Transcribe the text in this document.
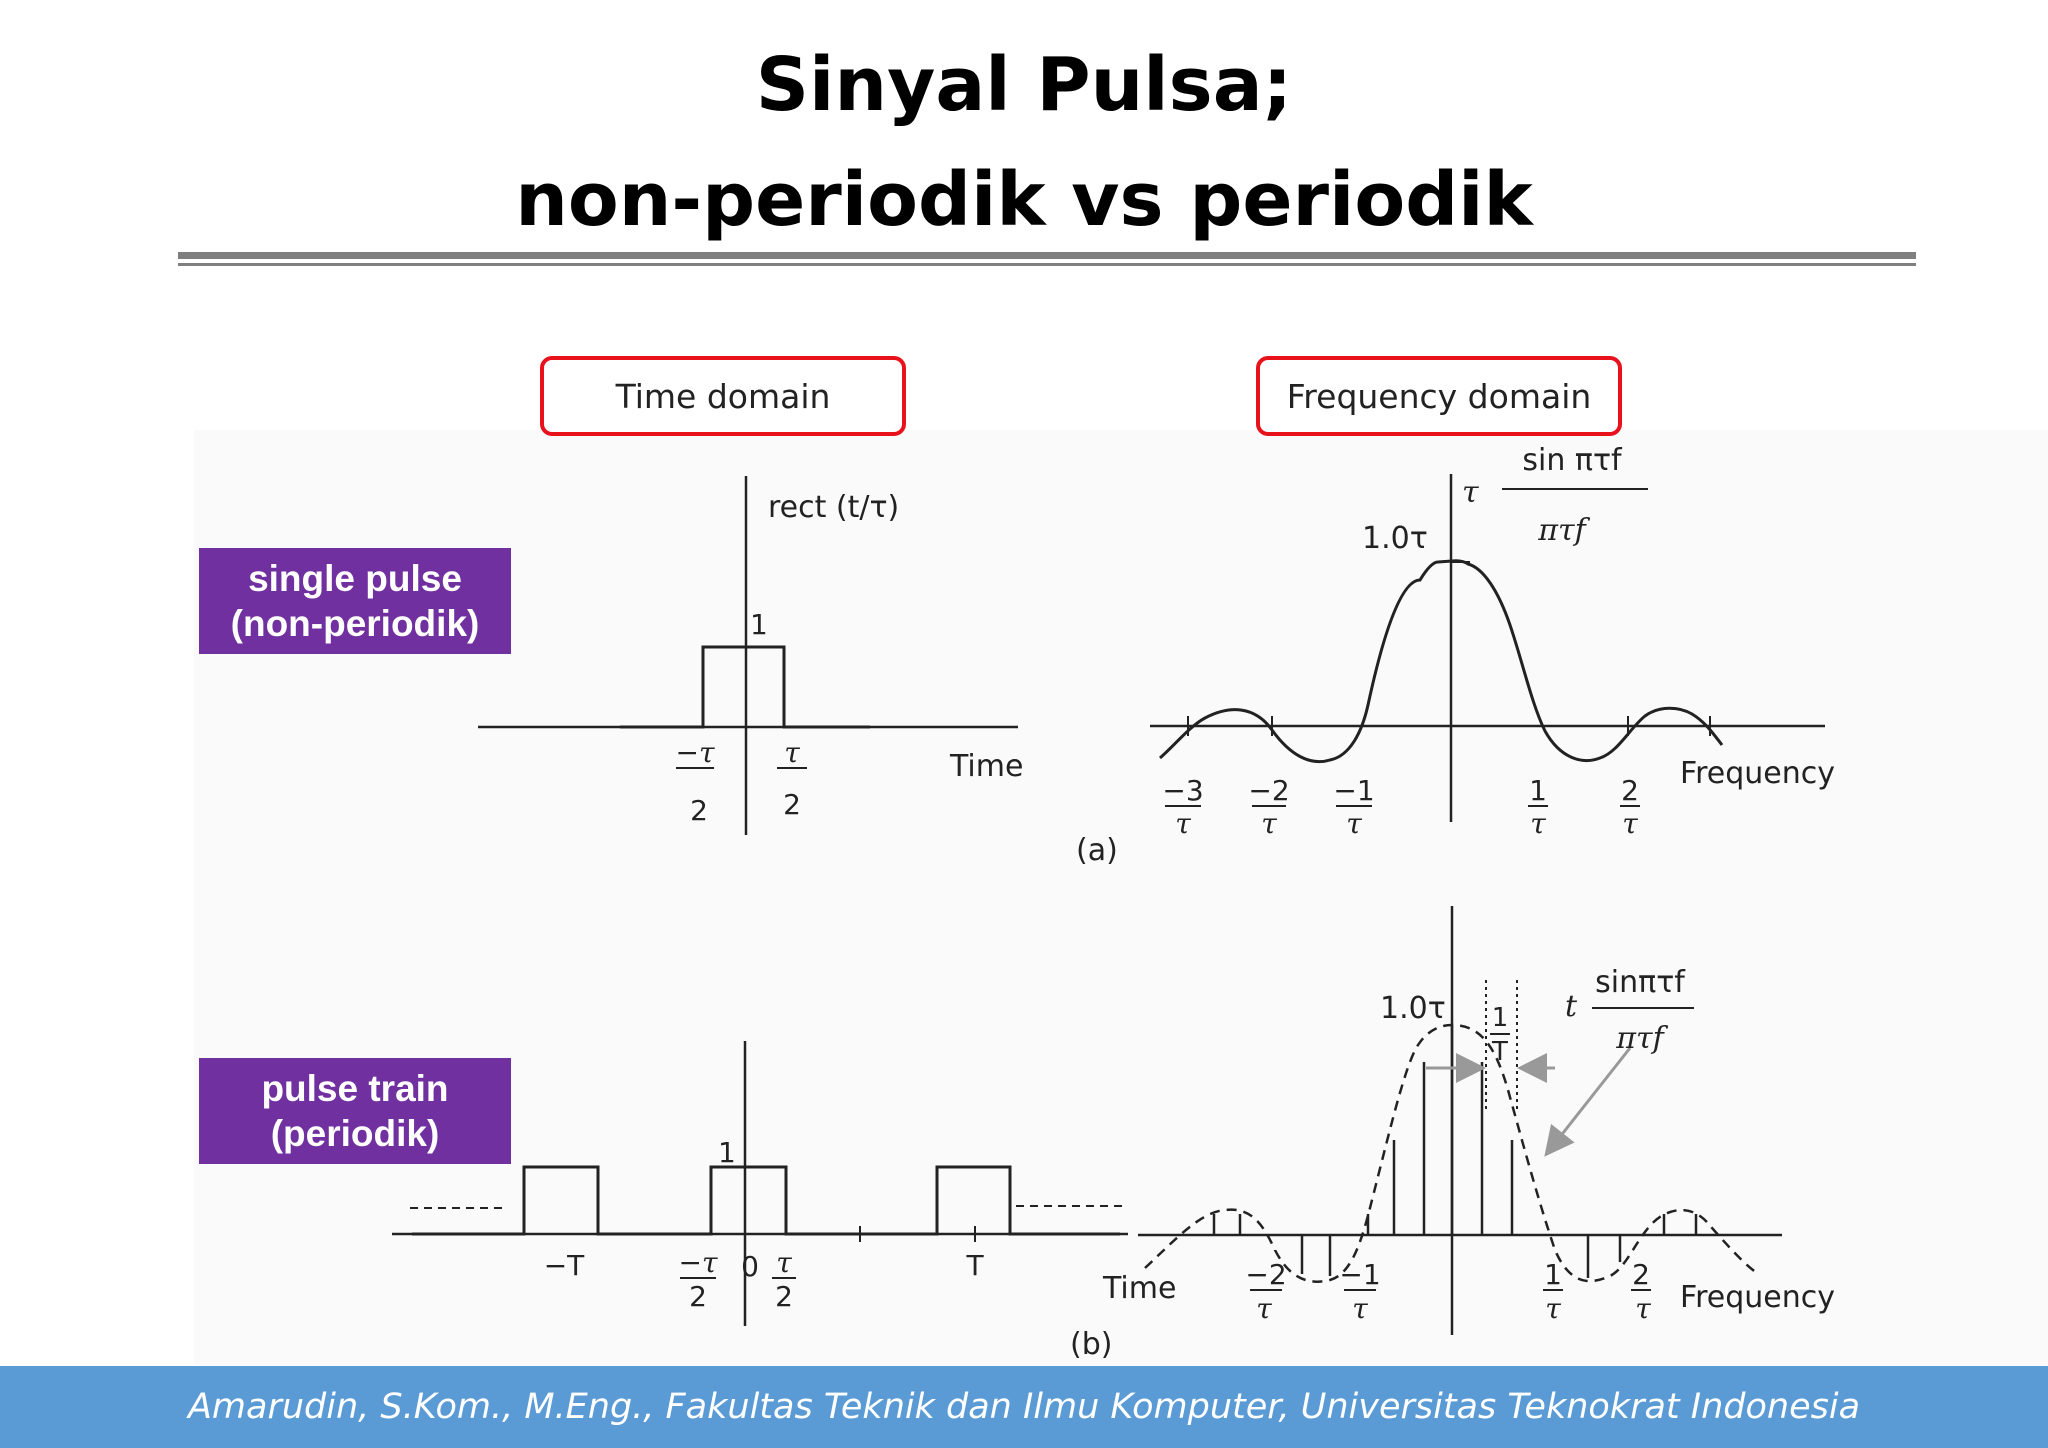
Sinyal Pulsa;
non-periodik vs periodik
Time domain	Frequency domain
single pulse
(non-periodik)
pulse train
(periodik)
rect (t/τ)
1
−τ
2
τ
2
Time
τ
sin πτf
πτf
1.0τ
−3
τ
−2
τ
−1
τ
1
τ
2
τ
Frequency
(a)
1
−T	−τ
2
0 τ
2
T
Time
1.0τ 1
T
t
sinπτf
πτf
−2
τ
−1
τ
1
τ
2
τ Frequency
(b)
Amarudin, S.Kom., M.Eng., Fakultas Teknik dan Ilmu Komputer, Universitas Teknokrat Indonesia
